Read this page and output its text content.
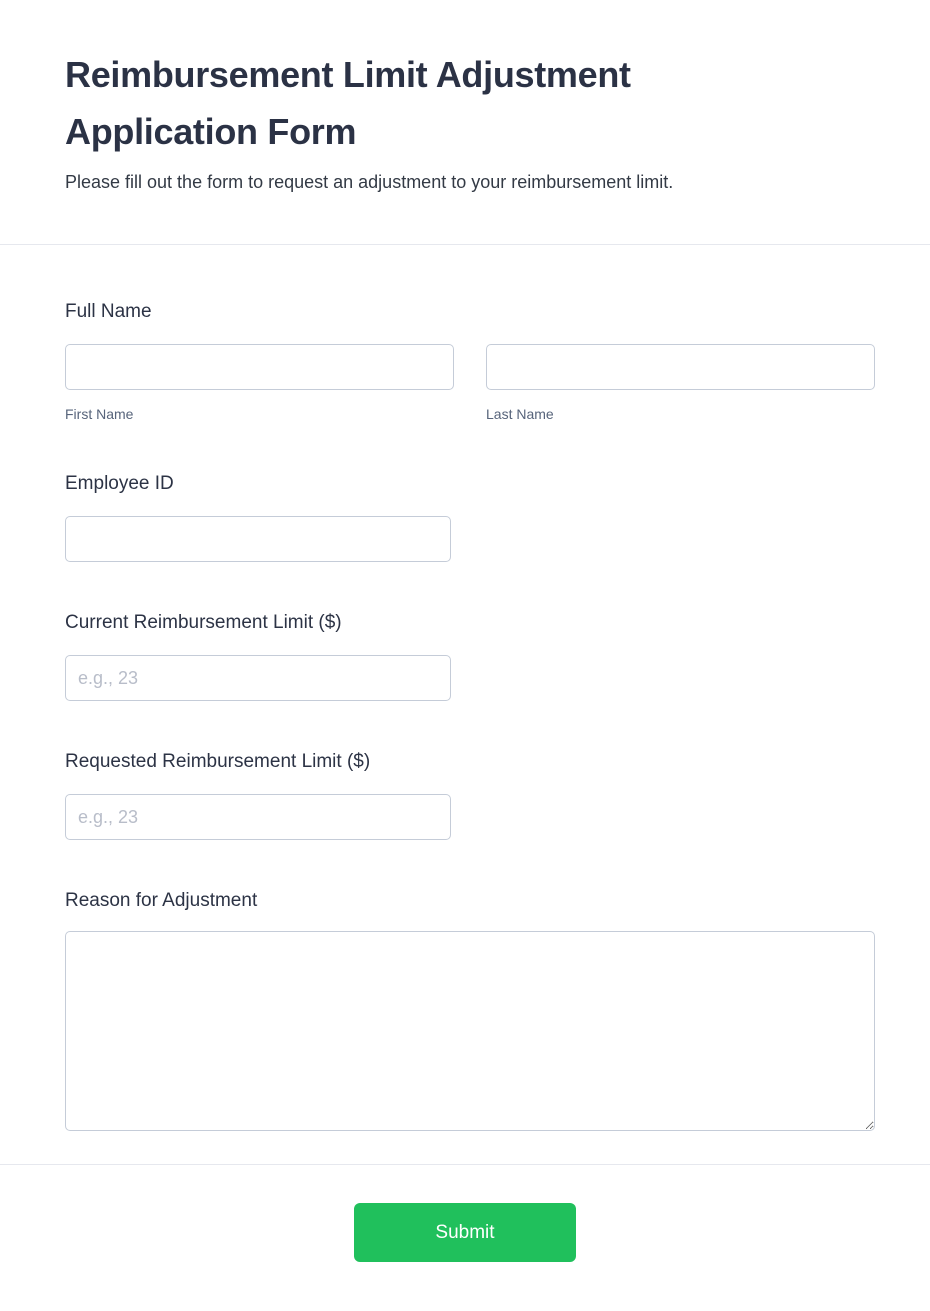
Reimbursement Limit Adjustment Application Form

Please fill out the form to request an adjustment to your reimbursement limit.

Full Name
First Name	Last Name
Employee ID
Current Reimbursement Limit ($)
e.g., 23
Requested Reimbursement Limit ($)
e.g., 23
Reason for Adjustment
Submit
